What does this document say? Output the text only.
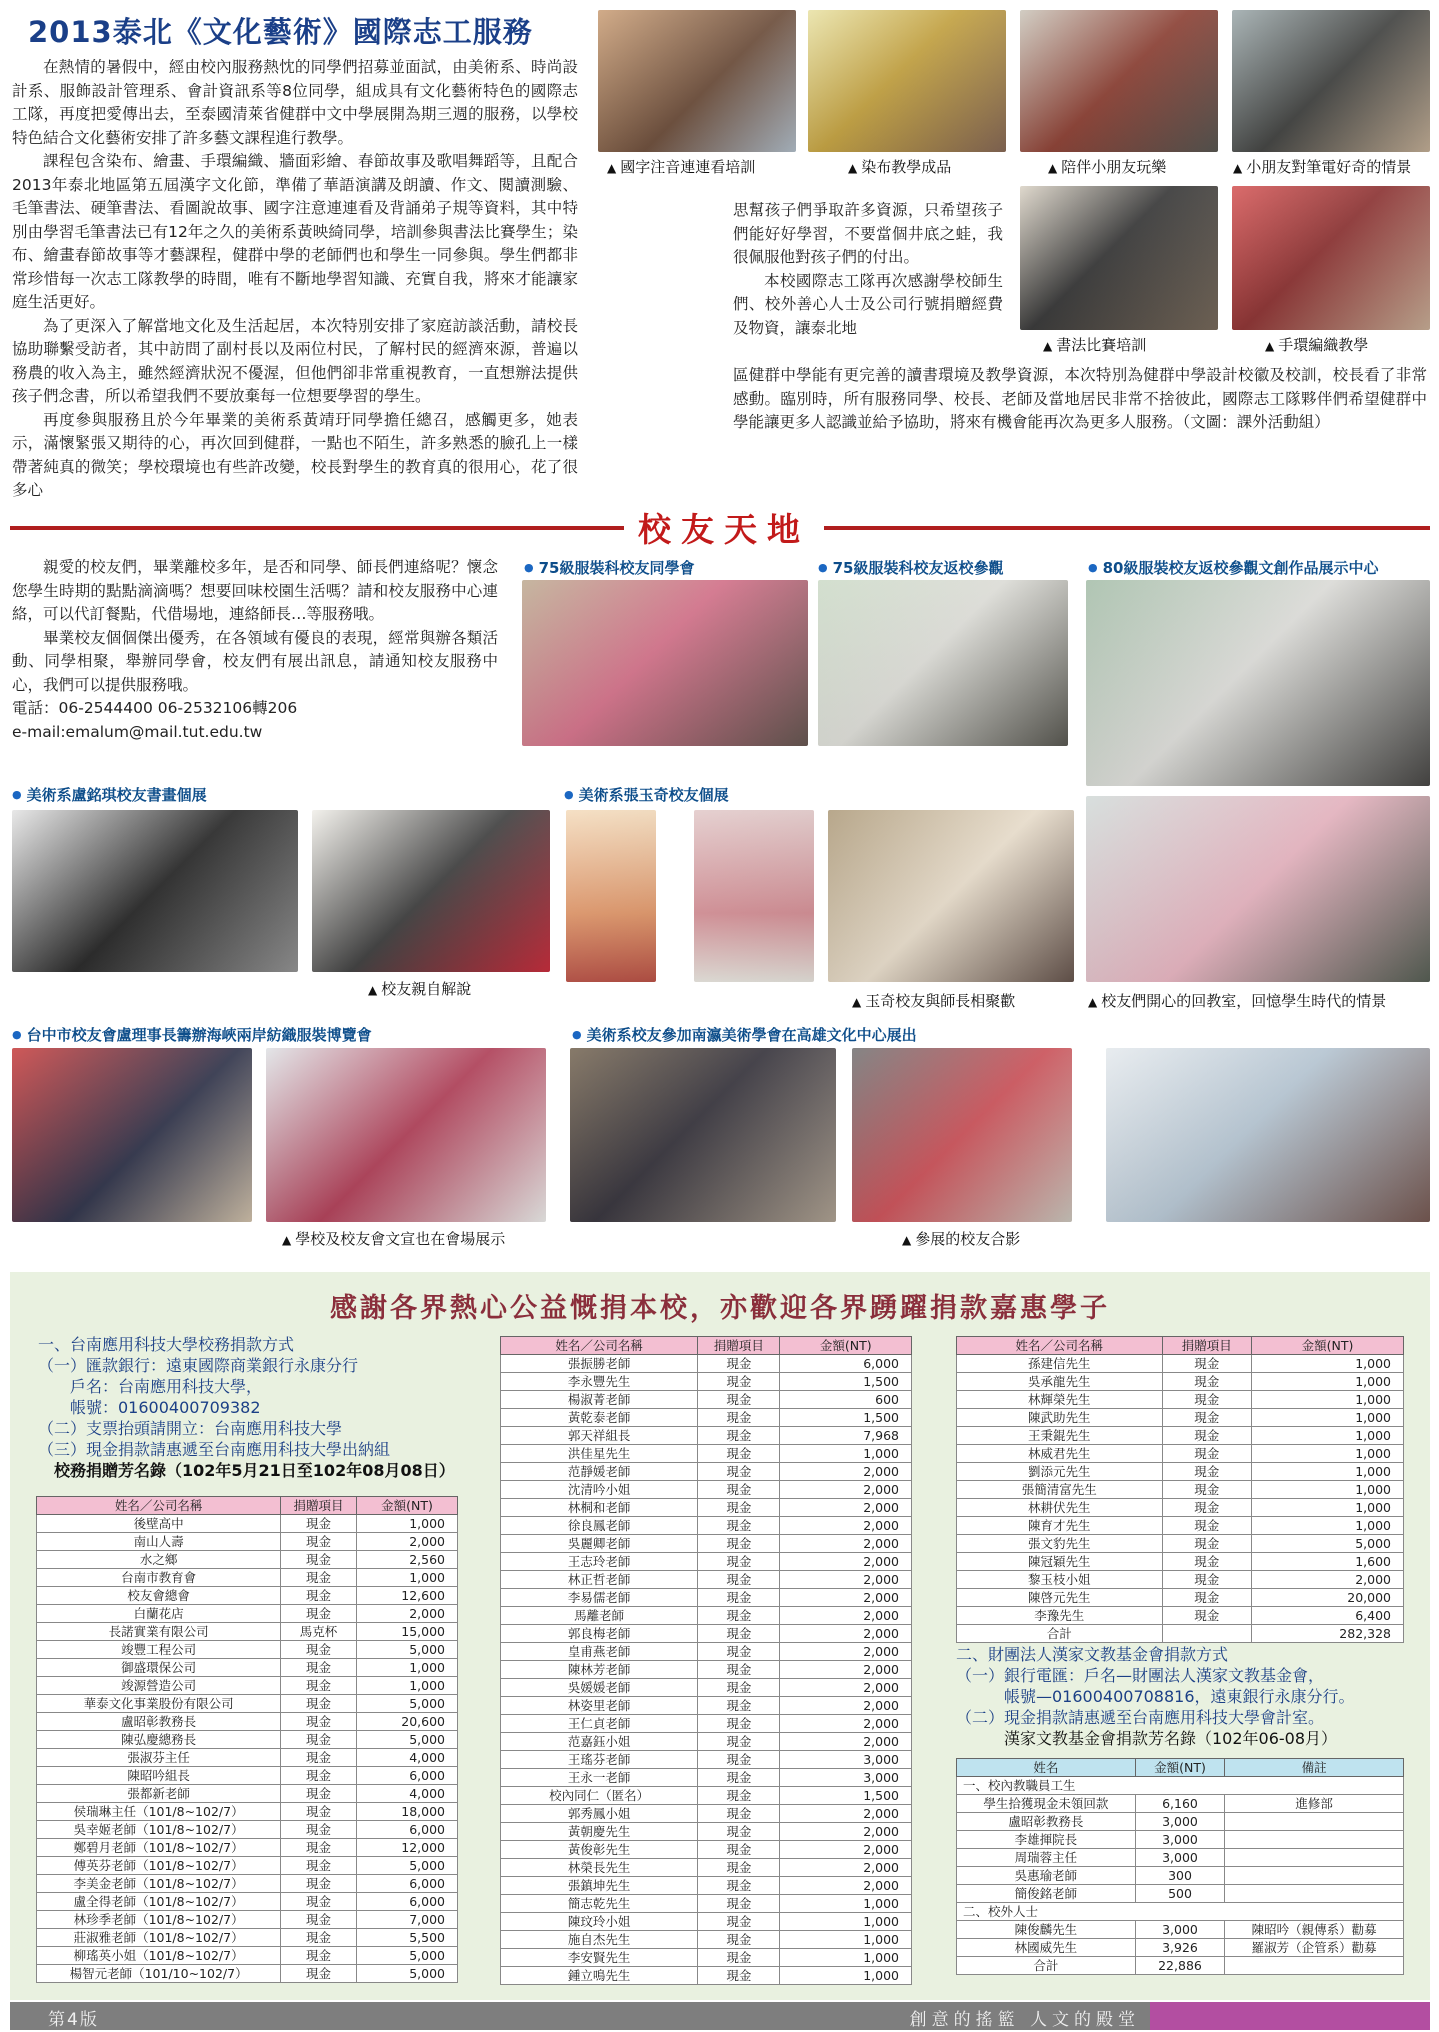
2013泰北《文化藝術》國際志工服務

在熱情的暑假中，經由校內服務熱忱的同學們招募並面試，由美術系、時尚設計系、服飾設計管理系、會計資訊系等8位同學，組成具有文化藝術特色的國際志工隊，再度把愛傳出去，至泰國清萊省健群中文中學展開為期三週的服務，以學校特色結合文化藝術安排了許多藝文課程進行教學。

課程包含染布、繪畫、手環編織、牆面彩繪、春節故事及歌唱舞蹈等，且配合2013年泰北地區第五屆漢字文化節，準備了華語演講及朗讀、作文、閱讀測驗、毛筆書法、硬筆書法、看圖說故事、國字注意連連看及背誦弟子規等資料，其中特別由學習毛筆書法已有12年之久的美術系黃映綺同學，培訓參與書法比賽學生；染布、繪畫春節故事等才藝課程，健群中學的老師們也和學生一同參與。學生們都非常珍惜每一次志工隊教學的時間，唯有不斷地學習知識、充實自我，將來才能讓家庭生活更好。

為了更深入了解當地文化及生活起居，本次特別安排了家庭訪談活動，請校長協助聯繫受訪者，其中訪問了副村長以及兩位村民，了解村民的經濟來源，普遍以務農的收入為主，雖然經濟狀況不優渥，但他們卻非常重視教育，一直想辦法提供孩子們念書，所以希望我們不要放棄每一位想要學習的學生。

再度參與服務且於今年畢業的美術系黃靖玗同學擔任總召，感觸更多，她表示，滿懷緊張又期待的心，再次回到健群，一點也不陌生，許多熟悉的臉孔上一樣帶著純真的微笑；學校環境也有些許改變，校長對學生的教育真的很用心，花了很多心

思幫孩子們爭取許多資源，只希望孩子們能好好學習，不要當個井底之蛙，我很佩服他對孩子們的付出。

本校國際志工隊再次感謝學校師生們、校外善心人士及公司行號捐贈經費及物資，讓泰北地

區健群中學能有更完善的讀書環境及教學資源，本次特別為健群中學設計校徽及校訓，校長看了非常感動。臨別時，所有服務同學、校長、老師及當地居民非常不捨彼此，國際志工隊夥伴們希望健群中學能讓更多人認識並給予協助，將來有機會能再次為更多人服務。（文圖：課外活動組）

▲ 國字注音連連看培訓	▲ 染布教學成品	▲ 陪伴小朋友玩樂	▲ 小朋友對筆電好奇的情景
▲ 書法比賽培訓	▲ 手環編織教學
校友天地

親愛的校友們，畢業離校多年，是否和同學、師長們連絡呢？懷念您學生時期的點點滴滴嗎？想要回味校園生活嗎？請和校友服務中心連絡，可以代訂餐點，代借場地，連絡師長…等服務哦。

畢業校友個個傑出優秀，在各領域有優良的表現，經常與辦各類活動、同學相聚，舉辦同學會，校友們有展出訊息，請通知校友服務中心，我們可以提供服務哦。

電話：06-2544400 06-2532106轉206
e-mail:emalum@mail.tut.edu.tw
● 75級服裝科校友同學會	● 75級服裝科校友返校參觀	● 80級服裝校友返校參觀文創作品展示中心
● 美術系盧銘琪校友書畫個展	● 美術系張玉奇校友個展
▲ 校友親自解說
▲ 玉奇校友與師長相聚歡	▲ 校友們開心的回教室，回憶學生時代的情景
● 台中市校友會盧理事長籌辦海峽兩岸紡織服裝博覽會	● 美術系校友參加南瀛美術學會在高雄文化中心展出
▲ 學校及校友會文宣也在會場展示	▲ 參展的校友合影
感謝各界熱心公益慨捐本校，亦歡迎各界踴躍捐款嘉惠學子
一、台南應用科技大學校務捐款方式
（一）匯款銀行：遠東國際商業銀行永康分行
　　戶名：台南應用科技大學，
　　帳號：01600400709382
（二）支票抬頭請開立：台南應用科技大學
（三）現金捐款請惠遞至台南應用科技大學出納組
　校務捐贈芳名錄（102年5月21日至102年08月08日）
姓名／公司名稱	捐贈項目	金額(NT)
後壁高中	現金	1,000
南山人壽	現金	2,000
水之鄉	現金	2,560
台南市教育會	現金	1,000
校友會總會	現金	12,600
白蘭花店	現金	2,000
長諾實業有限公司	馬克杯	15,000
竣豐工程公司	現金	5,000
御盛環保公司	現金	1,000
竣源營造公司	現金	1,000
華泰文化事業股份有限公司	現金	5,000
盧昭彰教務長	現金	20,600
陳弘慶總務長	現金	5,000
張淑芬主任	現金	4,000
陳昭吟組長	現金	6,000
張都新老師	現金	4,000
侯瑞琳主任（101/8~102/7）	現金	18,000
吳幸姬老師（101/8~102/7）	現金	6,000
鄭碧月老師（101/8~102/7）	現金	12,000
傅英芬老師（101/8~102/7）	現金	5,000
李美金老師（101/8~102/7）	現金	6,000
盧全得老師（101/8~102/7）	現金	6,000
林珍季老師（101/8~102/7）	現金	7,000
莊淑雅老師（101/8~102/7）	現金	5,500
柳瑤英小姐（101/8~102/7）	現金	5,000
楊智元老師（101/10~102/7）	現金	5,000
姓名／公司名稱	捐贈項目	金額(NT)
張振勝老師	現金	6,000
李永豐先生	現金	1,500
楊淑菁老師	現金	600
黃乾泰老師	現金	1,500
郭天祥組長	現金	7,968
洪佳星先生	現金	1,000
范靜媛老師	現金	2,000
沈清吟小姐	現金	2,000
林桐和老師	現金	2,000
徐良鳳老師	現金	2,000
吳麗卿老師	現金	2,000
王志玲老師	現金	2,000
林正哲老師	現金	2,000
李易儒老師	現金	2,000
馬離老師	現金	2,000
郭良梅老師	現金	2,000
皇甫燕老師	現金	2,000
陳林芳老師	現金	2,000
吳媛媛老師	現金	2,000
林姿里老師	現金	2,000
王仁貞老師	現金	2,000
范嘉鈺小姐	現金	2,000
王瑤芬老師	現金	3,000
王永一老師	現金	3,000
校內同仁（匿名）	現金	1,500
郭秀鳳小姐	現金	2,000
黃朝慶先生	現金	2,000
黃俊彰先生	現金	2,000
林榮長先生	現金	2,000
張鎮坤先生	現金	2,000
簡志乾先生	現金	1,000
陳玟玲小姐	現金	1,000
施自杰先生	現金	1,000
李安賢先生	現金	1,000
鍾立鳴先生	現金	1,000
姓名／公司名稱	捐贈項目	金額(NT)
孫建信先生	現金	1,000
吳承龍先生	現金	1,000
林輝榮先生	現金	1,000
陳武助先生	現金	1,000
王秉錕先生	現金	1,000
林威君先生	現金	1,000
劉添元先生	現金	1,000
張簡清富先生	現金	1,000
林耕伏先生	現金	1,000
陳育才先生	現金	1,000
張文豹先生	現金	5,000
陳冠穎先生	現金	1,600
黎玉枝小姐	現金	2,000
陳啓元先生	現金	20,000
李豫先生	現金	6,400
合計		282,328
二、財團法人漢家文教基金會捐款方式
（一）銀行電匯：戶名—財團法人漢家文教基金會，
　　　帳號—01600400708816，遠東銀行永康分行。
（二）現金捐款請惠遞至台南應用科技大學會計室。
　　　漢家文教基金會捐款芳名錄（102年06-08月）
姓名	金額(NT)	備註
一、校內教職員工生		
學生拾獲現金未領回款	6,160	進修部
盧昭彰教務長	3,000	
李雄揮院長	3,000	
周瑞蓉主任	3,000	
吳惠瑜老師	300	
簡俊銘老師	500	
二、校外人士		
陳俊麟先生	3,000	陳昭吟（親傳系）勸募
林國威先生	3,926	羅淑芳（企管系）勸募
合計	22,886	
第4版	創意的搖籃 人文的殿堂
